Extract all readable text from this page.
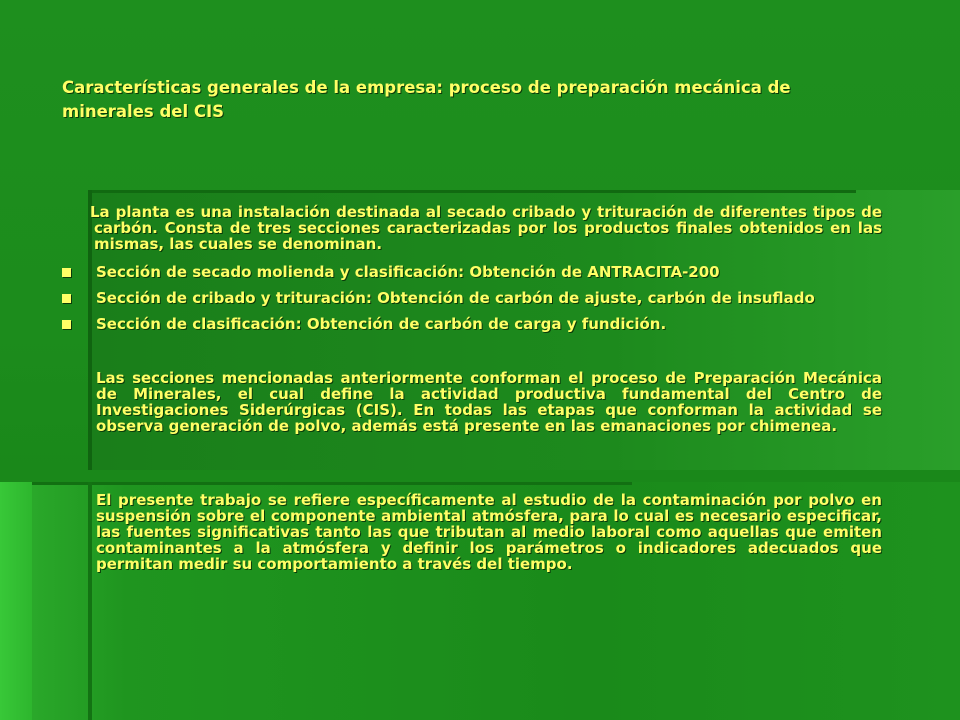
Características generales de la empresa: proceso de preparación mecánica de minerales del CIS

La planta es una instalación destinada al secado cribado y trituración de diferentes tipos de carbón. Consta de tres secciones caracterizadas por los productos finales obtenidos en las mismas, las cuales se denominan.

Sección de secado molienda y clasificación: Obtención de ANTRACITA-200
Sección de cribado y trituración: Obtención de carbón de ajuste, carbón de insuflado
Sección de clasificación: Obtención de carbón de carga y fundición.

Las secciones mencionadas anteriormente conforman el proceso de Preparación Mecánica de Minerales, el cual define la actividad productiva fundamental del Centro de Investigaciones Siderúrgicas (CIS). En todas las etapas que conforman la actividad se observa generación de polvo, además está presente en las emanaciones por chimenea.

El presente trabajo se refiere específicamente al estudio de la contaminación por polvo en suspensión sobre el componente ambiental atmósfera, para lo cual es necesario especificar, las fuentes significativas tanto las que tributan al medio laboral como aquellas que emiten contaminantes a la atmósfera y definir los parámetros o indicadores adecuados que permitan medir su comportamiento a través del tiempo.
